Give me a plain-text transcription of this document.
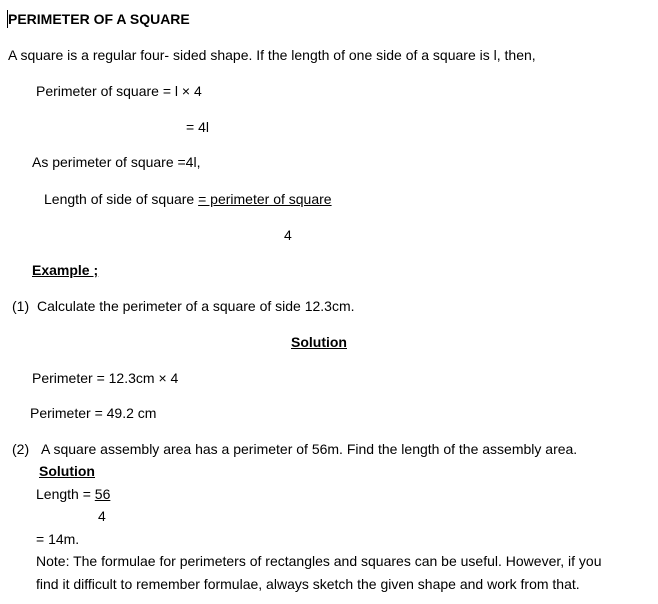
PERIMETER OF A SQUARE
A square is a regular four- sided shape. If the length of one side of a square is l, then,
Perimeter of square = l × 4
= 4l
As perimeter of square =4l,
Length of side of square = perimeter of square
4
Example ;
(1) Calculate the perimeter of a square of side 12.3cm.
Solution
Perimeter = 12.3cm × 4
Perimeter = 49.2 cm
(2) A square assembly area has a perimeter of 56m. Find the length of the assembly area.
Solution
Length = 56
4
= 14m.
Note: The formulae for perimeters of rectangles and squares can be useful. However, if you
find it difficult to remember formulae, always sketch the given shape and work from that.
